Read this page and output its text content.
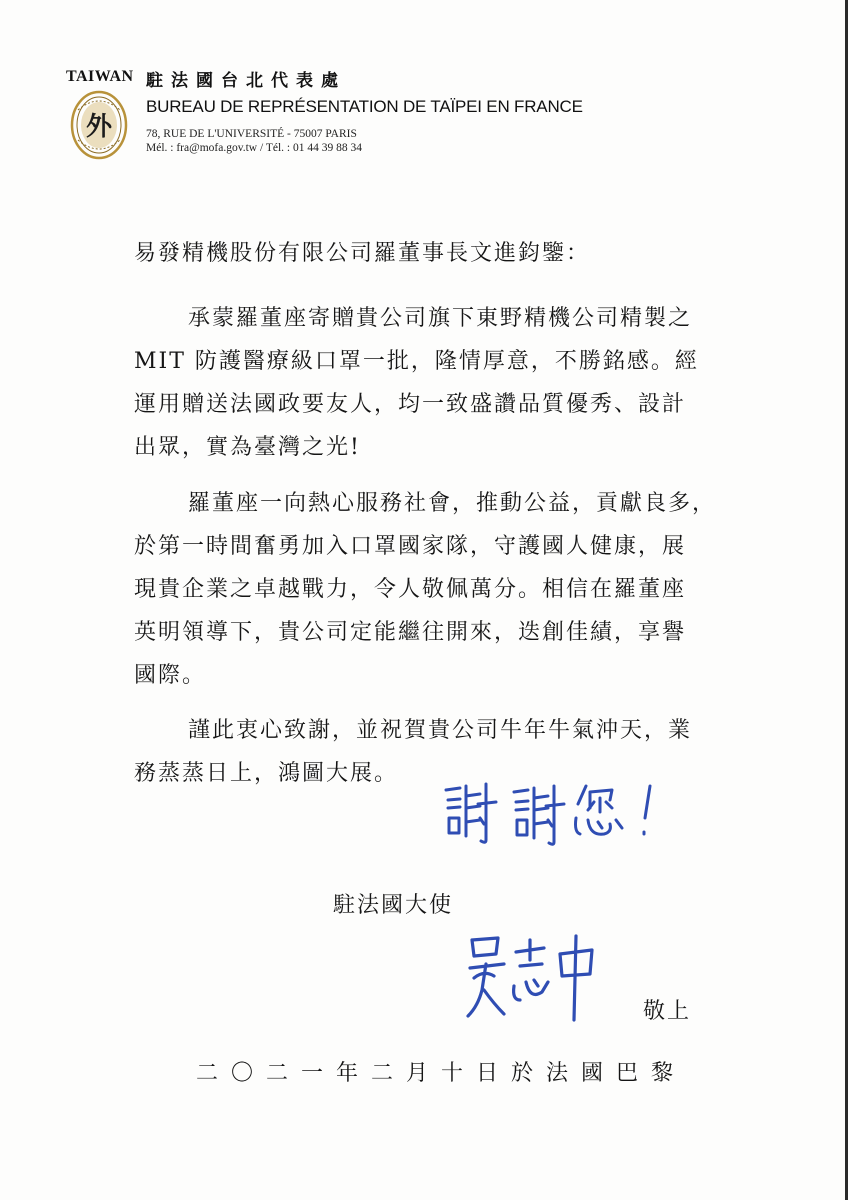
TAIWAN 駐法國台北代表處
BUREAU DE REPRÉSENTATION DE TAÏPEI EN FRANCE
78, RUE DE L'UNIVERSITÉ - 75007 PARIS
Mél. : fra@mofa.gov.tw / Tél. : 01 44 39 88 34
外
易發精機股份有限公司羅董事長文進鈞鑒：
承蒙羅董座寄贈貴公司旗下東野精機公司精製之
MIT 防護醫療級口罩一批，隆情厚意，不勝銘感。經
運用贈送法國政要友人，均一致盛讚品質優秀、設計
出眾，實為臺灣之光!
羅董座一向熱心服務社會，推動公益，貢獻良多，
於第一時間奮勇加入口罩國家隊，守護國人健康，展
現貴企業之卓越戰力，令人敬佩萬分。相信在羅董座
英明領導下，貴公司定能繼往開來，迭創佳績，享譽
國際。
謹此衷心致謝，並祝賀貴公司牛年牛氣沖天，業
務蒸蒸日上，鴻圖大展。
駐法國大使
敬上
二〇二一年二月十日於法國巴黎
